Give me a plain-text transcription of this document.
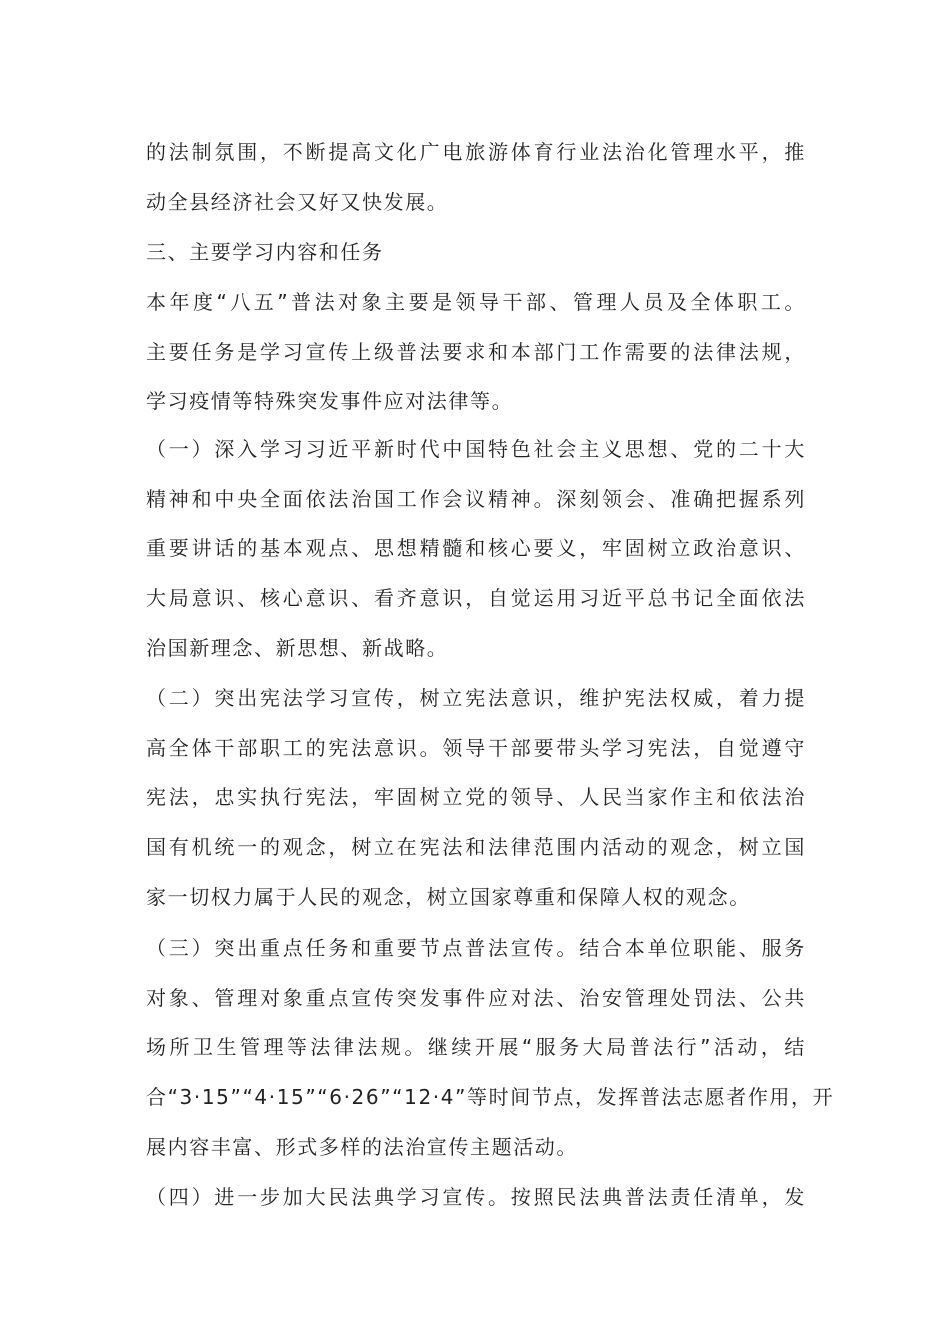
的法制氛围，不断提高文化广电旅游体育行业法治化管理水平，推
动全县经济社会又好又快发展。
三、主要学习内容和任务
本年度“八五”普法对象主要是领导干部、管理人员及全体职工。
主要任务是学习宣传上级普法要求和本部门工作需要的法律法规，
学习疫情等特殊突发事件应对法律等。
（一）深入学习习近平新时代中国特色社会主义思想、党的二十大
精神和中央全面依法治国工作会议精神。深刻领会、准确把握系列
重要讲话的基本观点、思想精髓和核心要义，牢固树立政治意识、
大局意识、核心意识、看齐意识，自觉运用习近平总书记全面依法
治国新理念、新思想、新战略。
（二）突出宪法学习宣传，树立宪法意识，维护宪法权威，着力提
高全体干部职工的宪法意识。领导干部要带头学习宪法，自觉遵守
宪法，忠实执行宪法，牢固树立党的领导、人民当家作主和依法治
国有机统一的观念，树立在宪法和法律范围内活动的观念，树立国
家一切权力属于人民的观念，树立国家尊重和保障人权的观念。
（三）突出重点任务和重要节点普法宣传。结合本单位职能、服务
对象、管理对象重点宣传突发事件应对法、治安管理处罚法、公共
场所卫生管理等法律法规。继续开展“服务大局普法行”活动，结
合“3·15”“4·15”“6·26”“12·4”等时间节点，发挥普法志愿者作用，开
展内容丰富、形式多样的法治宣传主题活动。
（四）进一步加大民法典学习宣传。按照民法典普法责任清单，发
